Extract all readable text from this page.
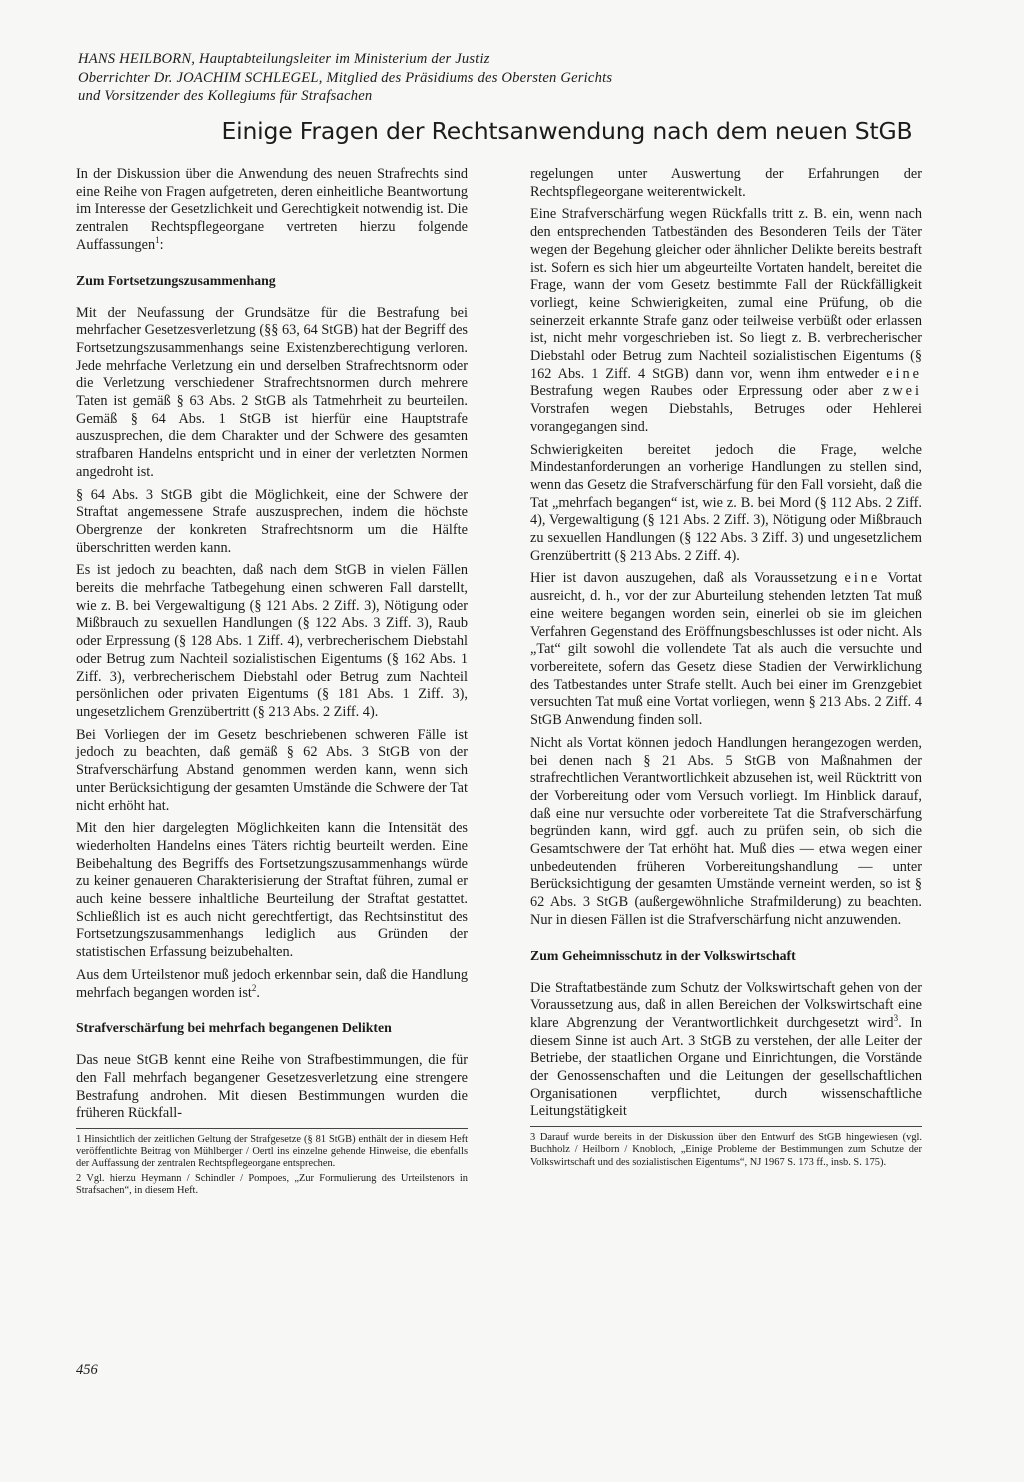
HANS HEILBORN, Hauptabteilungsleiter im Ministerium der Justiz
Oberrichter Dr. JOACHIM SCHLEGEL, Mitglied des Präsidiums des Obersten Gerichts
und Vorsitzender des Kollegiums für Strafsachen
Einige Fragen der Rechtsanwendung nach dem neuen StGB

In der Diskussion über die Anwendung des neuen Strafrechts sind eine Reihe von Fragen aufgetreten, deren einheitliche Beantwortung im Interesse der Gesetzlichkeit und Gerechtigkeit notwendig ist. Die zentralen Rechtspflegeorgane vertreten hierzu folgende Auffassungen$^1$:

Zum Fortsetzungszusammenhang

Mit der Neufassung der Grundsätze für die Bestrafung bei mehrfacher Gesetzesverletzung (§§ 63, 64 StGB) hat der Begriff des Fortsetzungszusammenhangs seine Existenzberechtigung verloren. Jede mehrfache Verletzung ein und derselben Strafrechtsnorm oder die Verletzung verschiedener Strafrechtsnormen durch mehrere Taten ist gemäß § 63 Abs. 2 StGB als Tatmehrheit zu beurteilen. Gemäß § 64 Abs. 1 StGB ist hierfür eine Hauptstrafe auszusprechen, die dem Charakter und der Schwere des gesamten strafbaren Handelns entspricht und in einer der verletzten Normen angedroht ist.

§ 64 Abs. 3 StGB gibt die Möglichkeit, eine der Schwere der Straftat angemessene Strafe auszusprechen, indem die höchste Obergrenze der konkreten Strafrechtsnorm um die Hälfte überschritten werden kann.

Es ist jedoch zu beachten, daß nach dem StGB in vielen Fällen bereits die mehrfache Tatbegehung einen schweren Fall darstellt, wie z. B. bei Vergewaltigung (§ 121 Abs. 2 Ziff. 3), Nötigung oder Mißbrauch zu sexuellen Handlungen (§ 122 Abs. 3 Ziff. 3), Raub oder Erpressung (§ 128 Abs. 1 Ziff. 4), verbrecherischem Diebstahl oder Betrug zum Nachteil sozialistischen Eigentums (§ 162 Abs. 1 Ziff. 3), verbrecherischem Diebstahl oder Betrug zum Nachteil persönlichen oder privaten Eigentums (§ 181 Abs. 1 Ziff. 3), ungesetzlichem Grenzübertritt (§ 213 Abs. 2 Ziff. 4).

Bei Vorliegen der im Gesetz beschriebenen schweren Fälle ist jedoch zu beachten, daß gemäß § 62 Abs. 3 StGB von der Strafverschärfung Abstand genommen werden kann, wenn sich unter Berücksichtigung der gesamten Umstände die Schwere der Tat nicht erhöht hat.

Mit den hier dargelegten Möglichkeiten kann die Intensität des wiederholten Handelns eines Täters richtig beurteilt werden. Eine Beibehaltung des Begriffs des Fortsetzungszusammenhangs würde zu keiner genaueren Charakterisierung der Straftat führen, zumal er auch keine bessere inhaltliche Beurteilung der Straftat gestattet. Schließlich ist es auch nicht gerechtfertigt, das Rechtsinstitut des Fortsetzungszusammenhangs lediglich aus Gründen der statistischen Erfassung beizubehalten.

Aus dem Urteilstenor muß jedoch erkennbar sein, daß die Handlung mehrfach begangen worden ist$^2$.

Strafverschärfung bei mehrfach begangenen Delikten

Das neue StGB kennt eine Reihe von Strafbestimmungen, die für den Fall mehrfach begangener Gesetzesverletzung eine strengere Bestrafung androhen. Mit diesen Bestimmungen wurden die früheren Rückfall-

1 Hinsichtlich der zeitlichen Geltung der Strafgesetze (§ 81 StGB) enthält der in diesem Heft veröffentlichte Beitrag von Mühlberger / Oertl ins einzelne gehende Hinweise, die ebenfalls der Auffassung der zentralen Rechtspflegeorgane entsprechen.

2 Vgl. hierzu Heymann / Schindler / Pompoes, „Zur Formulierung des Urteilstenors in Strafsachen“, in diesem Heft.

regelungen unter Auswertung der Erfahrungen der Rechtspflegeorgane weiterentwickelt.

Eine Strafverschärfung wegen Rückfalls tritt z. B. ein, wenn nach den entsprechenden Tatbeständen des Besonderen Teils der Täter wegen der Begehung gleicher oder ähnlicher Delikte bereits bestraft ist. Sofern es sich hier um abgeurteilte Vortaten handelt, bereitet die Frage, wann der vom Gesetz bestimmte Fall der Rückfälligkeit vorliegt, keine Schwierigkeiten, zumal eine Prüfung, ob die seinerzeit erkannte Strafe ganz oder teilweise verbüßt oder erlassen ist, nicht mehr vorgeschrieben ist. So liegt z. B. verbrecherischer Diebstahl oder Betrug zum Nachteil sozialistischen Eigentums (§ 162 Abs. 1 Ziff. 4 StGB) dann vor, wenn ihm entweder eine Bestrafung wegen Raubes oder Erpressung oder aber zwei Vorstrafen wegen Diebstahls, Betruges oder Hehlerei vorangegangen sind.

Schwierigkeiten bereitet jedoch die Frage, welche Mindestanforderungen an vorherige Handlungen zu stellen sind, wenn das Gesetz die Strafverschärfung für den Fall vorsieht, daß die Tat „mehrfach begangen“ ist, wie z. B. bei Mord (§ 112 Abs. 2 Ziff. 4), Vergewaltigung (§ 121 Abs. 2 Ziff. 3), Nötigung oder Mißbrauch zu sexuellen Handlungen (§ 122 Abs. 3 Ziff. 3) und ungesetzlichem Grenzübertritt (§ 213 Abs. 2 Ziff. 4).

Hier ist davon auszugehen, daß als Voraussetzung eine Vortat ausreicht, d. h., vor der zur Aburteilung stehenden letzten Tat muß eine weitere begangen worden sein, einerlei ob sie im gleichen Verfahren Gegenstand des Eröffnungsbeschlusses ist oder nicht. Als „Tat“ gilt sowohl die vollendete Tat als auch die versuchte und vorbereitete, sofern das Gesetz diese Stadien der Verwirklichung des Tatbestandes unter Strafe stellt. Auch bei einer im Grenzgebiet versuchten Tat muß eine Vortat vorliegen, wenn § 213 Abs. 2 Ziff. 4 StGB Anwendung finden soll.

Nicht als Vortat können jedoch Handlungen herangezogen werden, bei denen nach § 21 Abs. 5 StGB von Maßnahmen der strafrechtlichen Verantwortlichkeit abzusehen ist, weil Rücktritt von der Vorbereitung oder vom Versuch vorliegt. Im Hinblick darauf, daß eine nur versuchte oder vorbereitete Tat die Strafverschärfung begründen kann, wird ggf. auch zu prüfen sein, ob sich die Gesamtschwere der Tat erhöht hat. Muß dies — etwa wegen einer unbedeutenden früheren Vorbereitungshandlung — unter Berücksichtigung der gesamten Umstände verneint werden, so ist § 62 Abs. 3 StGB (außergewöhnliche Strafmilderung) zu beachten. Nur in diesen Fällen ist die Strafverschärfung nicht anzuwenden.

Zum Geheimnisschutz in der Volkswirtschaft

Die Straftatbestände zum Schutz der Volkswirtschaft gehen von der Voraussetzung aus, daß in allen Bereichen der Volkswirtschaft eine klare Abgrenzung der Verantwortlichkeit durchgesetzt wird$^3$. In diesem Sinne ist auch Art. 3 StGB zu verstehen, der alle Leiter der Betriebe, der staatlichen Organe und Einrichtungen, die Vorstände der Genossenschaften und die Leitungen der gesellschaftlichen Organisationen verpflichtet, durch wissenschaftliche Leitungstätigkeit

3 Darauf wurde bereits in der Diskussion über den Entwurf des StGB hingewiesen (vgl. Buchholz / Heilborn / Knobloch, „Einige Probleme der Bestimmungen zum Schutze der Volkswirtschaft und des sozialistischen Eigentums“, NJ 1967 S. 173 ff., insb. S. 175).

456
